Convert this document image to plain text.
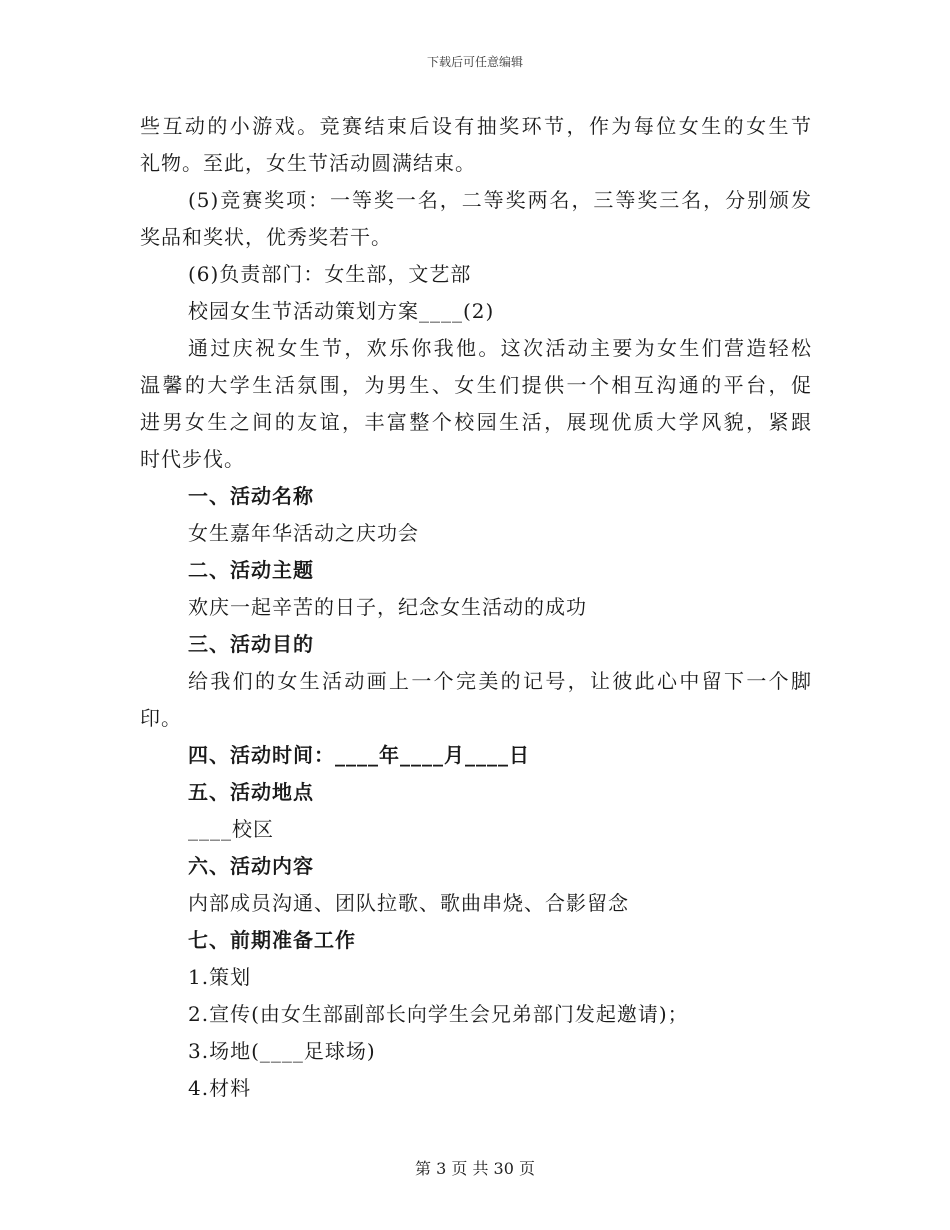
下载后可任意编辑
些互动的小游戏。竞赛结束后设有抽奖环节，作为每位女生的女生节
礼物。至此，女生节活动圆满结束。
(5)竞赛奖项：一等奖一名，二等奖两名，三等奖三名，分别颁发
奖品和奖状，优秀奖若干。
(6)负责部门：女生部，文艺部
校园女生节活动策划方案____(2)
通过庆祝女生节，欢乐你我他。这次活动主要为女生们营造轻松
温馨的大学生活氛围，为男生、女生们提供一个相互沟通的平台，促
进男女生之间的友谊，丰富整个校园生活，展现优质大学风貌，紧跟
时代步伐。
一、活动名称
女生嘉年华活动之庆功会
二、活动主题
欢庆一起辛苦的日子，纪念女生活动的成功
三、活动目的
给我们的女生活动画上一个完美的记号，让彼此心中留下一个脚
印。
四、活动时间：____年____月____日
五、活动地点
____校区
六、活动内容
内部成员沟通、团队拉歌、歌曲串烧、合影留念
七、前期准备工作
1.策划
2.宣传(由女生部副部长向学生会兄弟部门发起邀请)；
3.场地(____足球场)
4.材料
第 3 页 共 30 页
